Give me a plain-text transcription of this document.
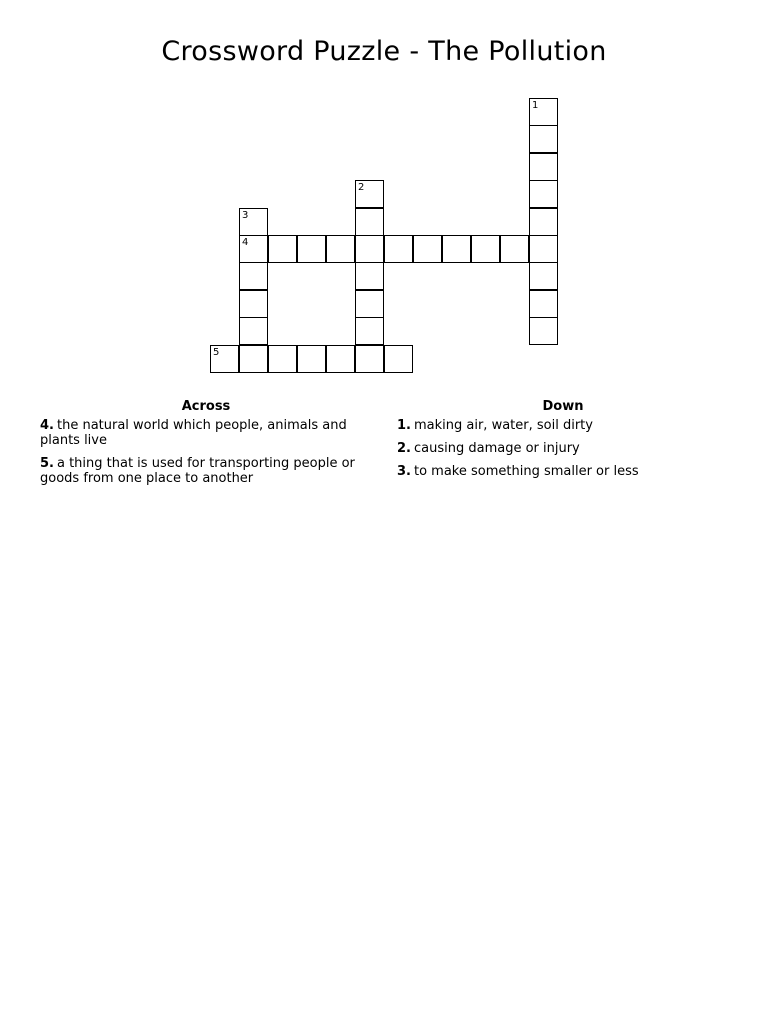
Crossword Puzzle - The Pollution
1
2
3
4
5
Across
4. the natural world which people, animals and plants live
5. a thing that is used for transporting people or goods from one place to another
Down
1. making air, water, soil dirty
2. causing damage or injury
3. to make something smaller or less
